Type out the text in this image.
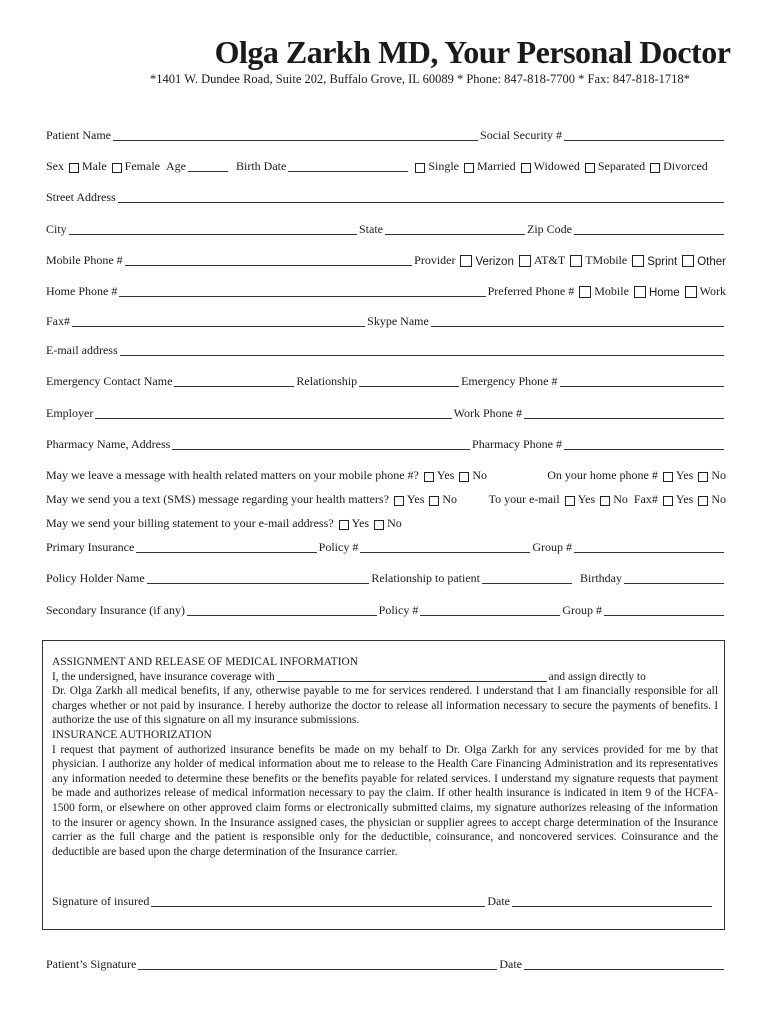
Olga Zarkh MD, Your Personal Doctor
*1401 W. Dundee Road, Suite 202, Buffalo Grove, IL 60089 * Phone: 847-818-7700 * Fax: 847-818-1718*
Patient Name	Social Security #
Sex Male Female Age	Birth Date	Single Married Widowed Separated Divorced
Street Address
City	State	Zip Code
Mobile Phone #	Provider Verizon AT&T TMobile Sprint Other
Home Phone #	Preferred Phone # Mobile Home Work
Fax#	Skype Name
E-mail address
Emergency Contact Name	Relationship	Emergency Phone #
Employer	Work Phone #
Pharmacy Name, Address	Pharmacy Phone #
May we leave a message with health related matters on your mobile phone #? Yes No	On your home phone # Yes No
May we send you a text (SMS) message regarding your health matters? Yes No	To your e-mail Yes No Fax# Yes No
May we send your billing statement to your e-mail address? Yes No
Primary Insurance	Policy #	Group #
Policy Holder Name	Relationship to patient	Birthday
Secondary Insurance (if any)	Policy #	Group #

ASSIGNMENT AND RELEASE OF MEDICAL INFORMATION

I, the undersigned, have insurance coverage with	and assign directly to

Dr. Olga Zarkh all medical benefits, if any, otherwise payable to me for services rendered. I understand that I am financially responsible for all charges whether or not paid by insurance. I hereby authorize the doctor to release all information necessary to secure the payments of benefits. I authorize the use of this signature on all my insurance submissions.

INSURANCE AUTHORIZATION

I request that payment of authorized insurance benefits be made on my behalf to Dr. Olga Zarkh for any services provided for me by that physician. I authorize any holder of medical information about me to release to the Health Care Financing Administration and its representatives any information needed to determine these benefits or the benefits payable for related services. I understand my signature requests that payment be made and authorizes release of medical information necessary to pay the claim. If other health insurance is indicated in item 9 of the HCFA-1500 form, or elsewhere on other approved claim forms or electronically submitted claims, my signature authorizes releasing of the information to the insurer or agency shown. In the Insurance assigned cases, the physician or supplier agrees to accept charge determination of the Insurance carrier as the full charge and the patient is responsible only for the deductible, coinsurance, and noncovered services. Coinsurance and the deductible are based upon the charge determination of the Insurance carrier.

Signature of insured	Date
Patient’s Signature	Date
